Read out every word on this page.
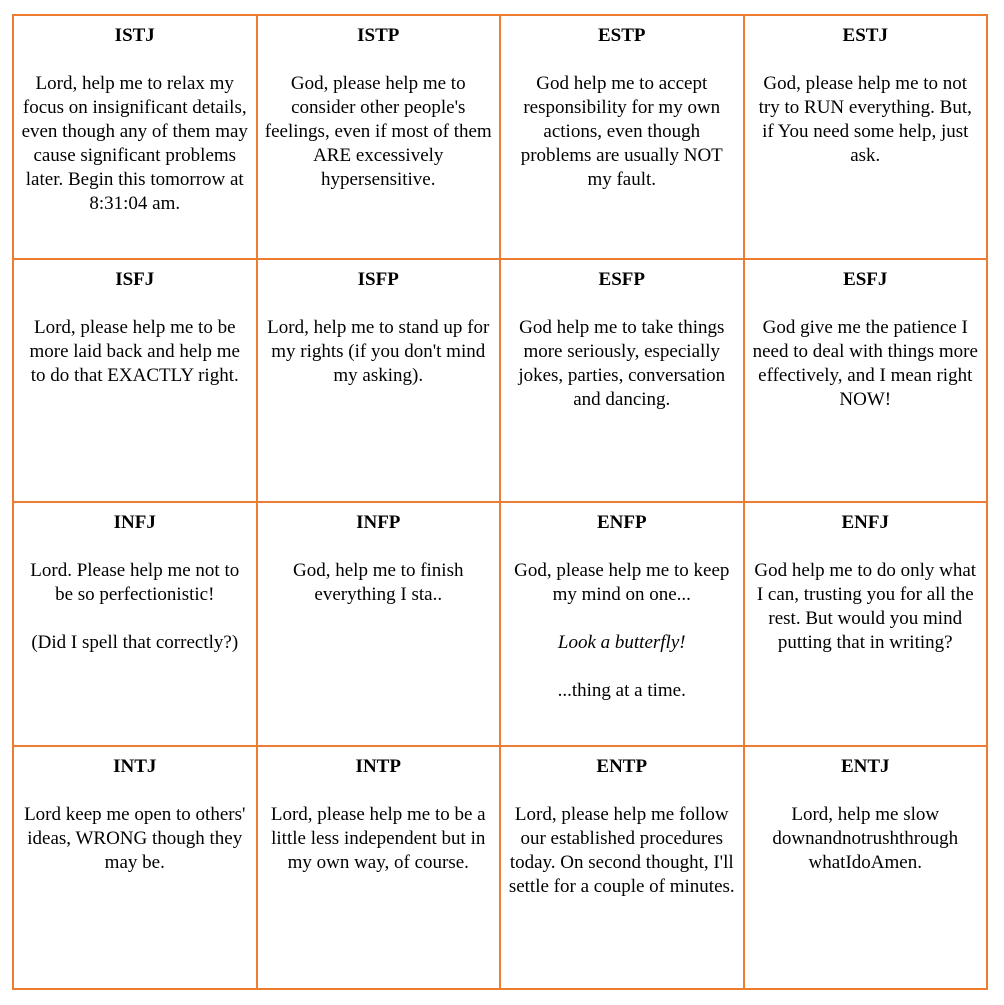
ISTJ
Lord, help me to relax my focus on insignificant details, even though any of them may cause significant problems later. Begin this tomorrow at 8:31:04 am.
ISTP
God, please help me to consider other people's feelings, even if most of them ARE excessively hypersensitive.
ESTP
God help me to accept responsibility for my own actions, even though problems are usually NOT my fault.
ESTJ
God, please help me to not try to RUN everything. But, if You need some help, just ask.
ISFJ
Lord, please help me to be more laid back and help me to do that EXACTLY right.
ISFP
Lord, help me to stand up for my rights (if you don't mind my asking).
ESFP
God help me to take things more seriously, especially jokes, parties, conversation and dancing.
ESFJ
God give me the patience I need to deal with things more effectively, and I mean right NOW!
INFJ
Lord. Please help me not to be so perfectionistic!
(Did I spell that correctly?)
INFP
God, help me to finish everything I sta..
ENFP
God, please help me to keep my mind on one...
Look a butterfly!
...thing at a time.
ENFJ
God help me to do only what I can, trusting you for all the rest. But would you mind putting that in writing?
INTJ
Lord keep me open to others' ideas, WRONG though they may be.
INTP
Lord, please help me to be a little less independent but in my own way, of course.
ENTP
Lord, please help me follow our established procedures today. On second thought, I'll settle for a couple of minutes.
ENTJ
Lord, help me slow downandnotrushthrough whatIdoAmen.
